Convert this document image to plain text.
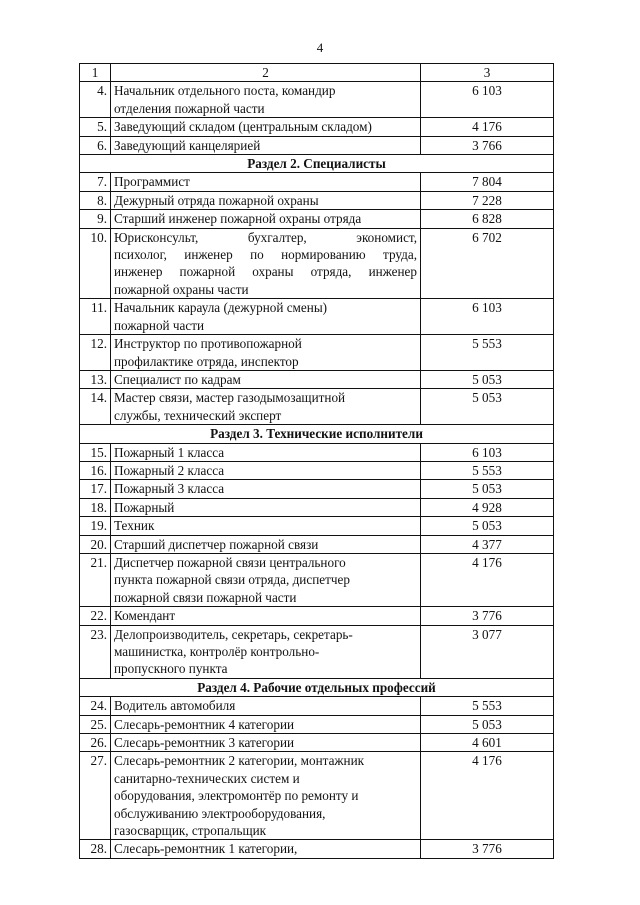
4
1	2	3
4.	Начальник отдельного поста, командир
отделения пожарной части	6 103
5.	Заведующий складом (центральным складом)	4 176
6.	Заведующий канцелярией	3 766
Раздел 2. Специалисты		
7.	Программист	7 804
8.	Дежурный отряда пожарной охраны	7 228
9.	Старший инженер пожарной охраны отряда	6 828
10.	Юрисконсульт, бухгалтер, экономист,
психолог, инженер по нормированию труда,
инженер пожарной охраны отряда, инженер
пожарной охраны части	6 702
11.	Начальник караула (дежурной смены)
пожарной части	6 103
12.	Инструктор по противопожарной
профилактике отряда, инспектор	5 553
13.	Специалист по кадрам	5 053
14.	Мастер связи, мастер газодымозащитной
службы, технический эксперт	5 053
Раздел 3. Технические исполнители		
15.	Пожарный 1 класса	6 103
16.	Пожарный 2 класса	5 553
17.	Пожарный 3 класса	5 053
18.	Пожарный	4 928
19.	Техник	5 053
20.	Старший диспетчер пожарной связи	4 377
21.	Диспетчер пожарной связи центрального
пункта пожарной связи отряда, диспетчер
пожарной связи пожарной части	4 176
22.	Комендант	3 776
23.	Делопроизводитель, секретарь, секретарь-
машинистка, контролёр контрольно-
пропускного пункта	3 077
Раздел 4. Рабочие отдельных профессий		
24.	Водитель автомобиля	5 553
25.	Слесарь-ремонтник 4 категории	5 053
26.	Слесарь-ремонтник 3 категории	4 601
27.	Слесарь-ремонтник 2 категории, монтажник
санитарно-технических систем и
оборудования, электромонтёр по ремонту и
обслуживанию электрооборудования,
газосварщик, стропальщик	4 176
28.	Слесарь-ремонтник 1 категории,	3 776
